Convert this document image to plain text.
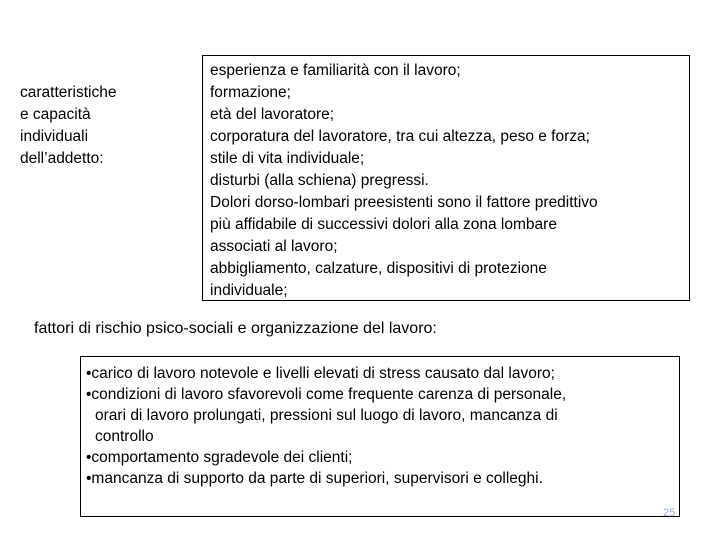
caratteristiche
e capacità
individuali
dell’addetto:
esperienza e familiarità con il lavoro;
formazione;
età del lavoratore;
corporatura del lavoratore, tra cui altezza, peso e forza;
stile di vita individuale;
disturbi (alla schiena) pregressi.
Dolori dorso-lombari preesistenti sono il fattore predittivo
più affidabile di successivi dolori alla zona lombare
associati al lavoro;
abbigliamento, calzature, dispositivi di protezione
individuale;
fattori di rischio psico-sociali e organizzazione del lavoro:
•carico di lavoro notevole e livelli elevati di stress causato dal lavoro;
•condizioni di lavoro sfavorevoli come frequente carenza di personale,
orari di lavoro prolungati, pressioni sul luogo di lavoro, mancanza di
controllo
•comportamento sgradevole dei clienti;
•mancanza di supporto da parte di superiori, supervisori e colleghi.
25
